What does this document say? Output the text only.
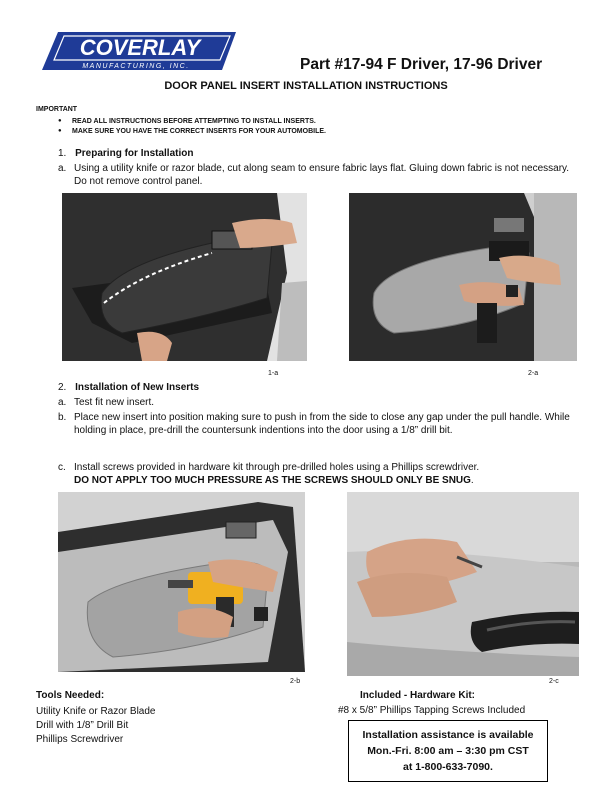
COVERLAY
MANUFACTURING, INC.	Part #17-94 F Driver, 17-96 Driver
DOOR PANEL INSERT INSTALLATION INSTRUCTIONS
IMPORTANT
● READ ALL INSTRUCTIONS BEFORE ATTEMPTING TO INSTALL INSERTS.
● MAKE SURE YOU HAVE THE CORRECT INSERTS FOR YOUR AUTOMOBILE.
1. Preparing for Installation
a. Using a utility knife or razor blade, cut along seam to ensure fabric lays flat. Gluing down fabric is not necessary. Do not remove control panel.
1-a	2-a
2. Installation of New Inserts
a. Test fit new insert.
b. Place new insert into position making sure to push in from the side to close any gap under the pull handle. While holding in place, pre-drill the countersunk indentions into the door using a 1/8” drill bit.
c. Install screws provided in hardware kit through pre-drilled holes using a Phillips screwdriver.
DO NOT APPLY TOO MUCH PRESSURE AS THE SCREWS SHOULD ONLY BE SNUG.
2-b	2-c
Tools Needed:
Utility Knife or Razor Blade
Drill with 1/8” Drill Bit
Phillips Screwdriver
Included - Hardware Kit:
#8 x 5/8” Phillips Tapping Screws Included
Installation assistance is available
Mon.-Fri. 8:00 am – 3:30 pm CST
at 1-800-633-7090.
